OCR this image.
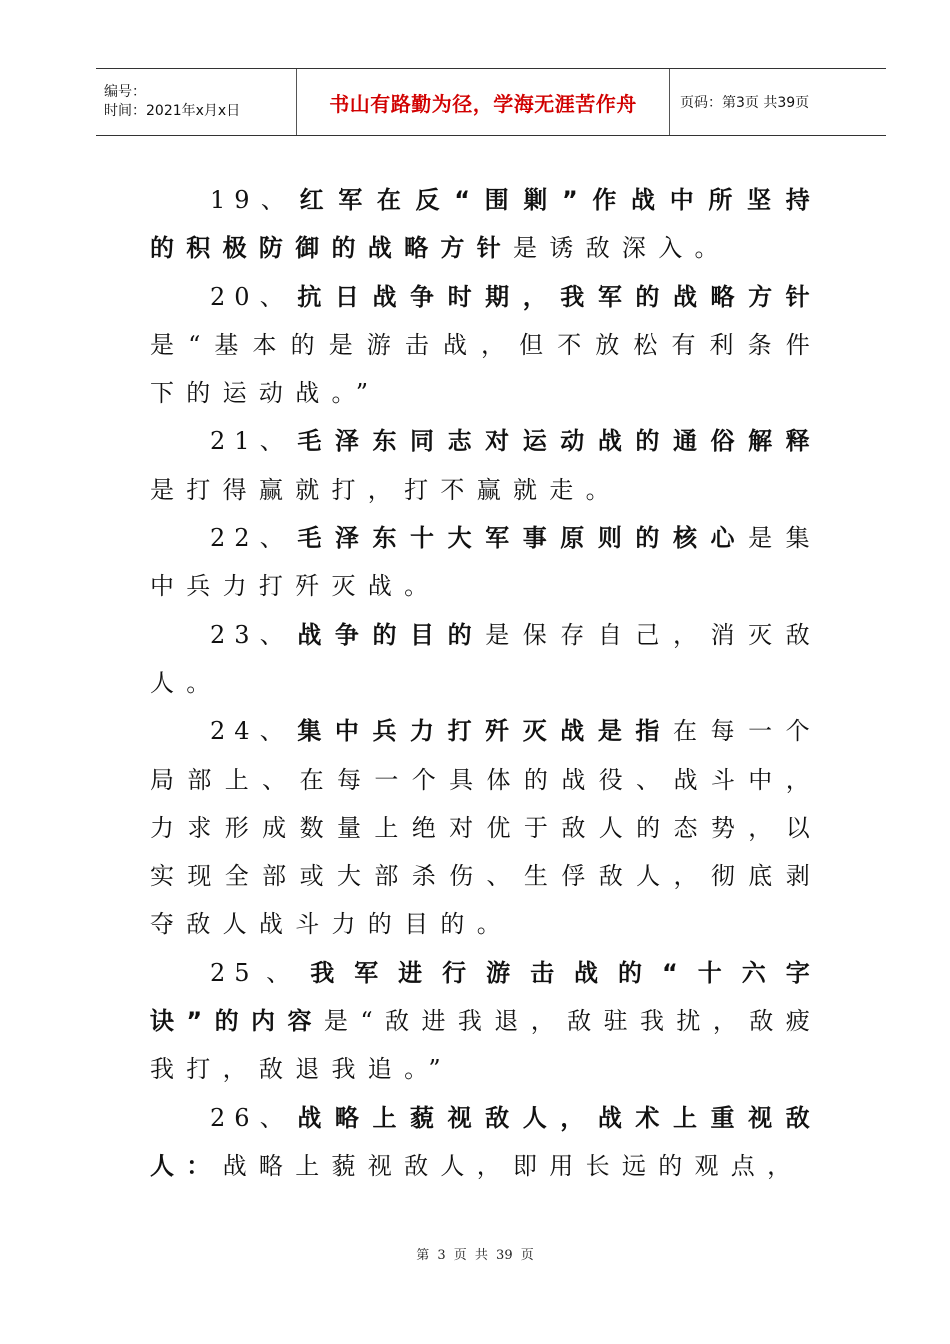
编号：
时间：2021年x月x日	书山有路勤为径，学海无涯苦作舟	页码：第3页 共39页

19、红军在反“围剿”作战中所坚持的积极防御的战略方针是诱敌深入。

20、抗日战争时期，我军的战略方针是“基本的是游击战，但不放松有利条件下的运动战。”

21、毛泽东同志对运动战的通俗解释是打得赢就打，打不赢就走。

22、毛泽东十大军事原则的核心是集中兵力打歼灭战。

23、战争的目的是保存自己，消灭敌人。

24、集中兵力打歼灭战是指在每一个局部上、在每一个具体的战役、战斗中，力求形成数量上绝对优于敌人的态势，以实现全部或大部杀伤、生俘敌人，彻底剥夺敌人战斗力的目的。

25、我军进行游击战的“十六字诀”的内容是“敌进我退，敌驻我扰，敌疲我打，敌退我追。”

26、战略上藐视敌人，战术上重视敌人：战略上藐视敌人，即用长远的观点，

第 3 页 共 39 页
